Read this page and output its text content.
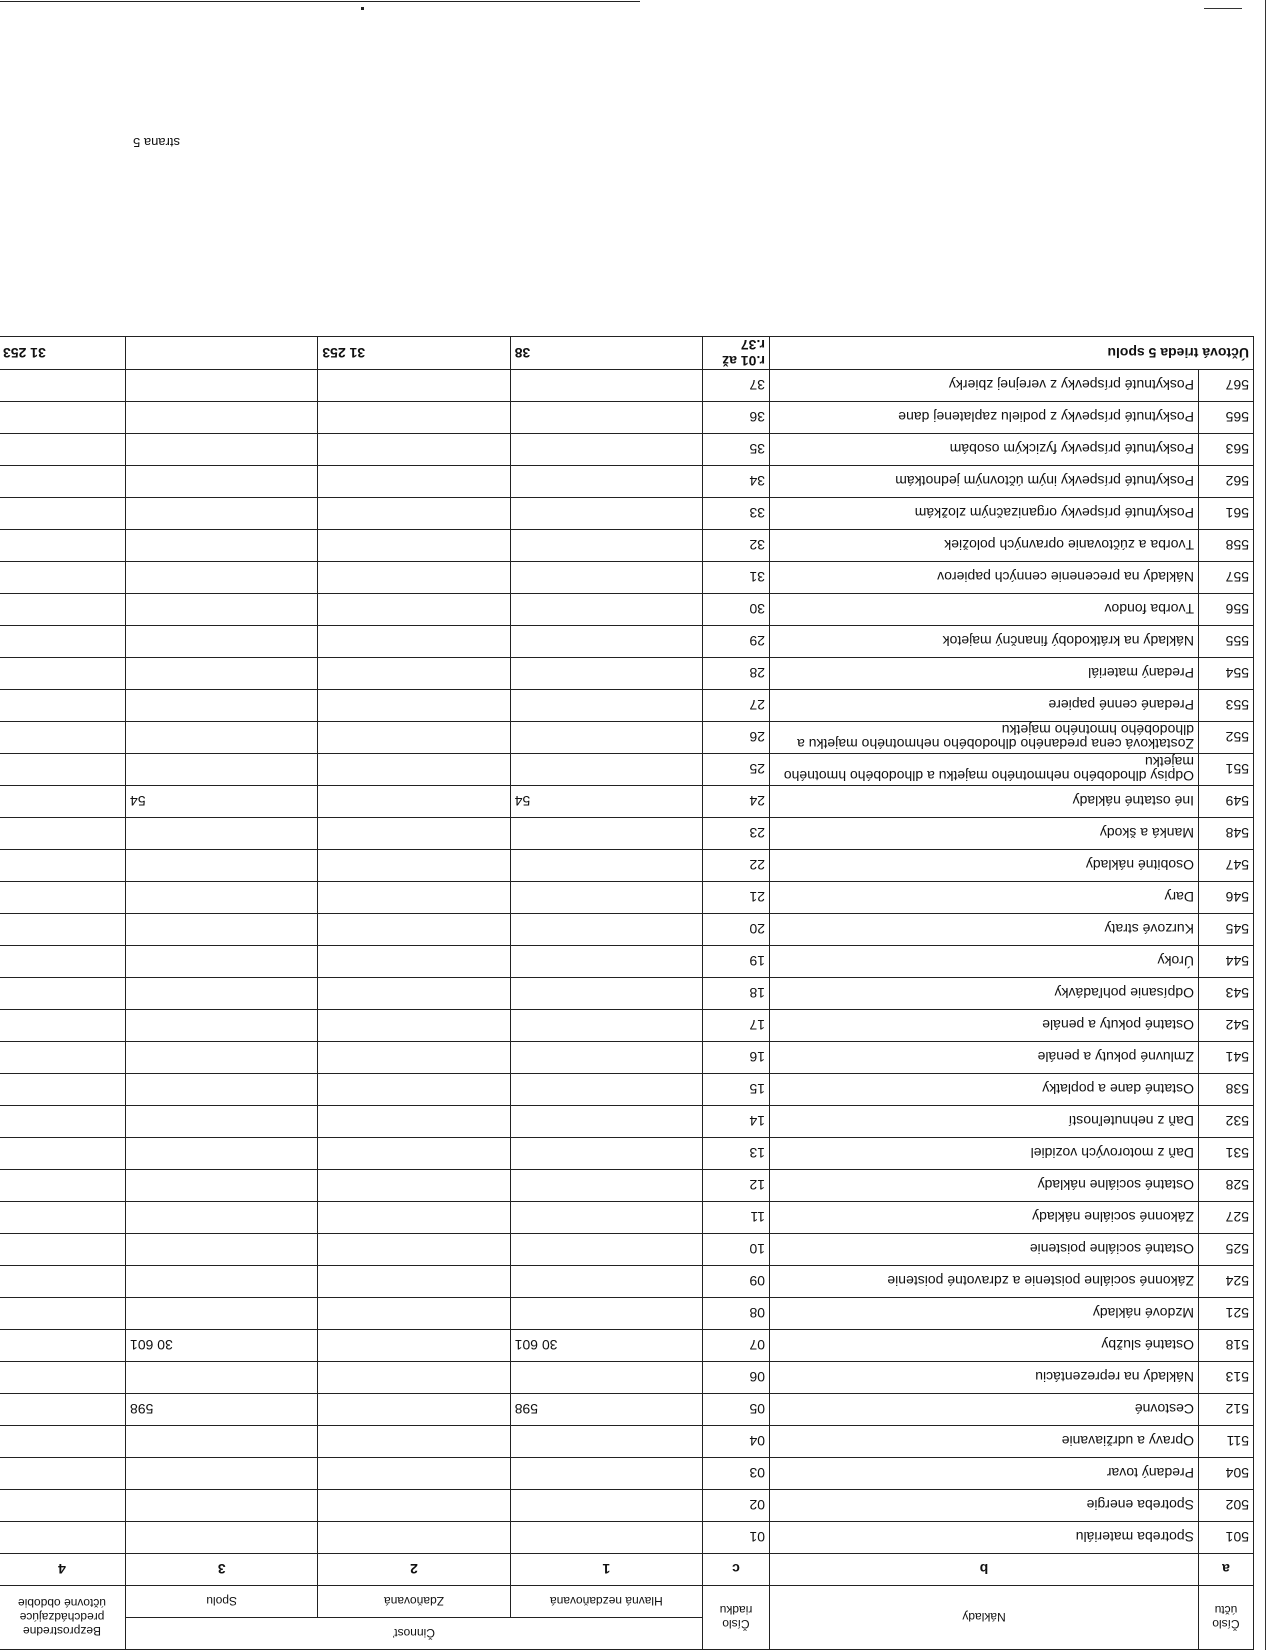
strana 5
Číslo účtu	Náklady	Číslo riadku	Činnosť			Bezprostredne predchádzajúce účtovné obdobie
			Hlavná nezdaňovaná	Zdaňovaná	Spolu	
a	b	c	1	2	3	4
501	Spotreba materiálu	01				
502	Spotreba energie	02				
504	Predaný tovar	03				
511	Opravy a udržiavanie	04				
512	Cestovné	05	598		598	
513	Náklady na reprezentáciu	06				
518	Ostatné služby	07	30 601		30 601	
521	Mzdové náklady	08				
524	Zákonné sociálne poistenie a zdravotné poistenie	09				
525	Ostatné sociálne poistenie	10				
527	Zákonné sociálne náklady	11				
528	Ostatné sociálne náklady	12				
531	Daň z motorových vozidiel	13				
532	Daň z nehnuteľností	14				
538	Ostatné dane a poplatky	15				
541	Zmluvné pokuty a penále	16				
542	Ostatné pokuty a penále	17				
543	Odpísanie pohľadávky	18				
544	Úroky	19				
545	Kurzové straty	20				
546	Dary	21				
547	Osobitné náklady	22				
548	Manká a škody	23				
549	Iné ostatné náklady	24	54		54	
551	Odpisy dlhodobého nehmotného majetku a dlhodobého hmotného majetku	25				
552	Zostatková cena predaného dlhodobého nehmotného majetku a dlhodobého hmotného majetku	26				
553	Predané cenné papiere	27				
554	Predaný materiál	28				
555	Náklady na krátkodobý finančný majetok	29				
556	Tvorba fondov	30				
557	Náklady na precenenie cenných papierov	31				
558	Tvorba a zúčtovanie opravných položiek	32				
561	Poskytnuté príspevky organizačným zložkám	33				
562	Poskytnuté príspevky iným účtovným jednotkám	34				
563	Poskytnuté príspevky fyzickým osobám	35				
565	Poskytnuté príspevky z podielu zaplatenej dane	36				
567	Poskytnuté príspevky z verejnej zbierky	37				
Účtová trieda 5 spolu		r.01 až r.37	38	31 253		31 253
